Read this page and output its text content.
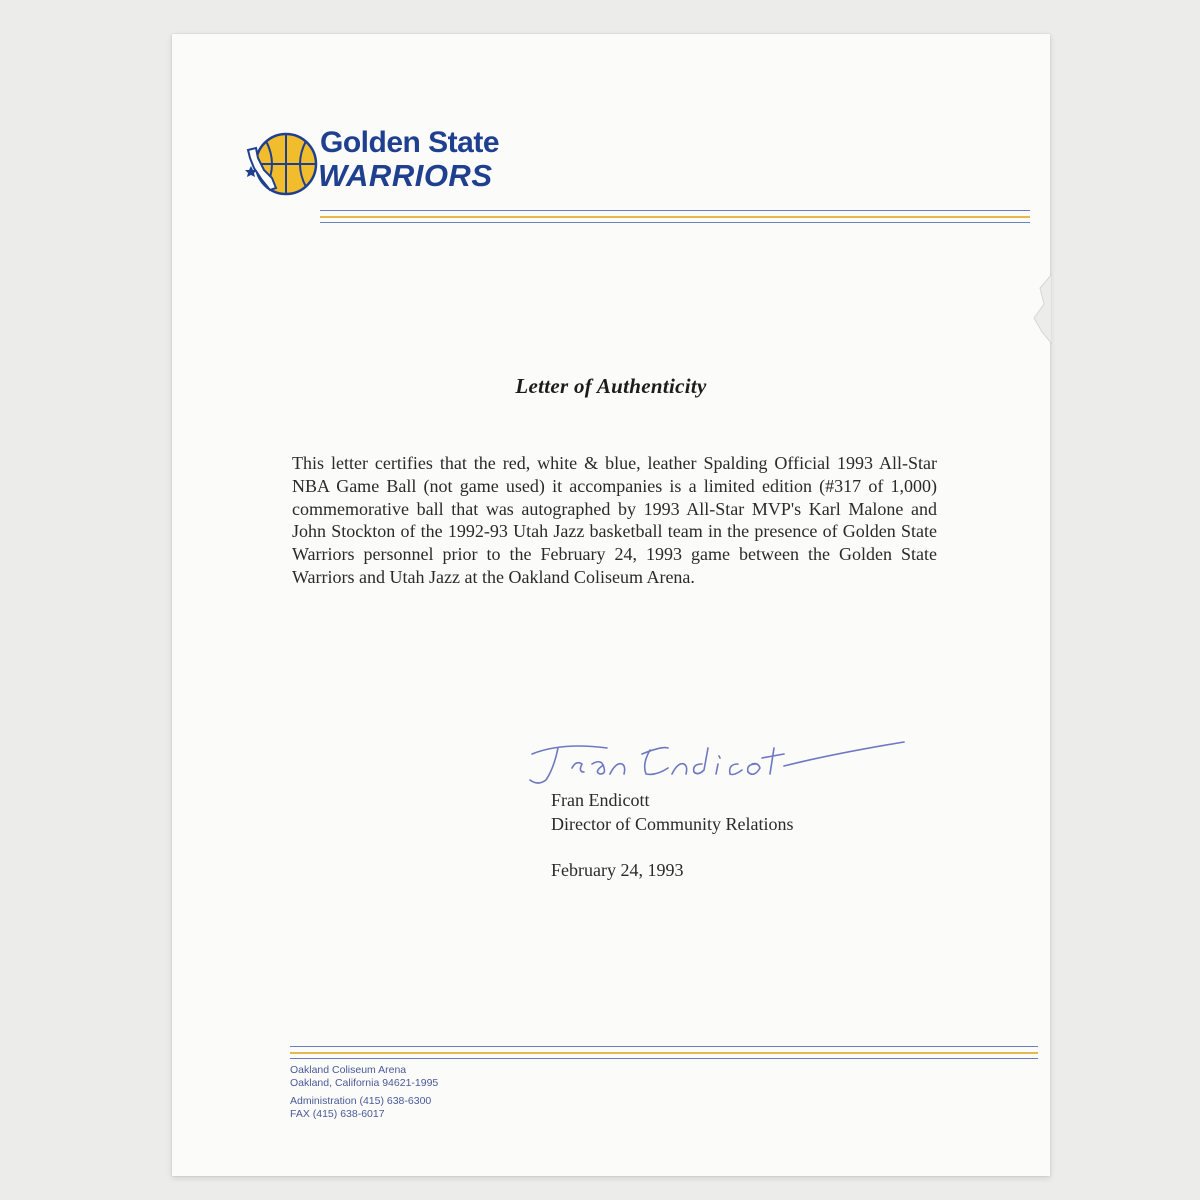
Golden State
WARRIORS
Letter of Authenticity
This letter certifies that the red, white & blue, leather Spalding Official 1993 All-Star NBA Game Ball (not game used) it accompanies is a limited edition (#317 of 1,000) commemorative ball that was autographed by 1993 All-Star MVP's Karl Malone and John Stockton of the 1992-93 Utah Jazz basketball team in the presence of Golden State Warriors personnel prior to the February 24, 1993 game between the Golden State Warriors and Utah Jazz at the Oakland Coliseum Arena.
Fran Endicott
Director of Community Relations
February 24, 1993
Oakland Coliseum Arena
Oakland, California 94621-1995
Administration (415) 638-6300
FAX (415) 638-6017
